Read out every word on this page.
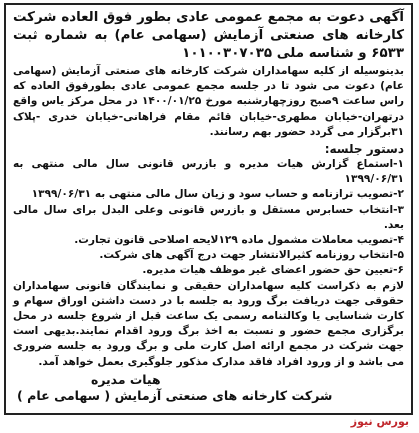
آگهی دعوت به مجمع عمومی عادی بطور فوق العاده شرکت کارخانه های صنعتی آزمایش (سهامی عام) به شماره ثبت ۶۵۳۳ و شناسه ملی ۱۰۱۰۰۳۰۷۰۳۵

بدینوسیله از کلیه سهامداران شرکت کارخانه های صنعتی آزمایش (سهامی عام) دعوت می شود تا در جلسه مجمع عمومی عادی بطورفوق العاده که راس ساعت ۹صبح روزچهارشنبه مورخ ۱۴۰۰/۰۱/۲۵ در محل مرکز یاس واقع درتهران-خیابان مطهری-خیابان قائم مقام فراهانی-خیابان خدری -پلاک ۳۱برگزار می گردد حضور بهم رسانند.

دستور جلسه:
۱-استماع گزارش هیات مدیره و بازرس قانونی سال مالی منتهی به ۱۳۹۹/۰۶/۳۱
۲-تصویب ترازنامه و حساب سود و زیان سال مالی منتهی به ۱۳۹۹/۰۶/۳۱
۳-انتخاب حسابرس مستقل و بازرس قانونی وعلی البدل برای سال مالی بعد.
۴-تصویب معاملات مشمول ماده ۱۲۹لایحه اصلاحی قانون تجارت.
۵-انتخاب روزنامه کثیرالانتشار جهت درج آگهی های شرکت.
۶-تعیین حق حضور اعضای غیر موظف هیات مدیره.

لازم به ذکراست کلیه سهامداران حقیقی و نمایندگان قانونی سهامداران حقوقی جهت دریافت برگ ورود به جلسه با در دست داشتن اوراق سهام و کارت شناسایی یا وکالتنامه رسمی یک ساعت قبل از شروع جلسه در محل برگزاری مجمع حضور و نسبت به اخذ برگ ورود اقدام نمایند.بدیهی است جهت شرکت در مجمع ارائه اصل کارت ملی و برگ ورود به جلسه ضروری می باشد و از ورود افراد فاقد مدارک مذکور جلوگیری بعمل خواهد آمد.

هیات مدیره
شرکت کارخانه های صنعتی آزمایش ( سهامی عام )
بورس نیوز
